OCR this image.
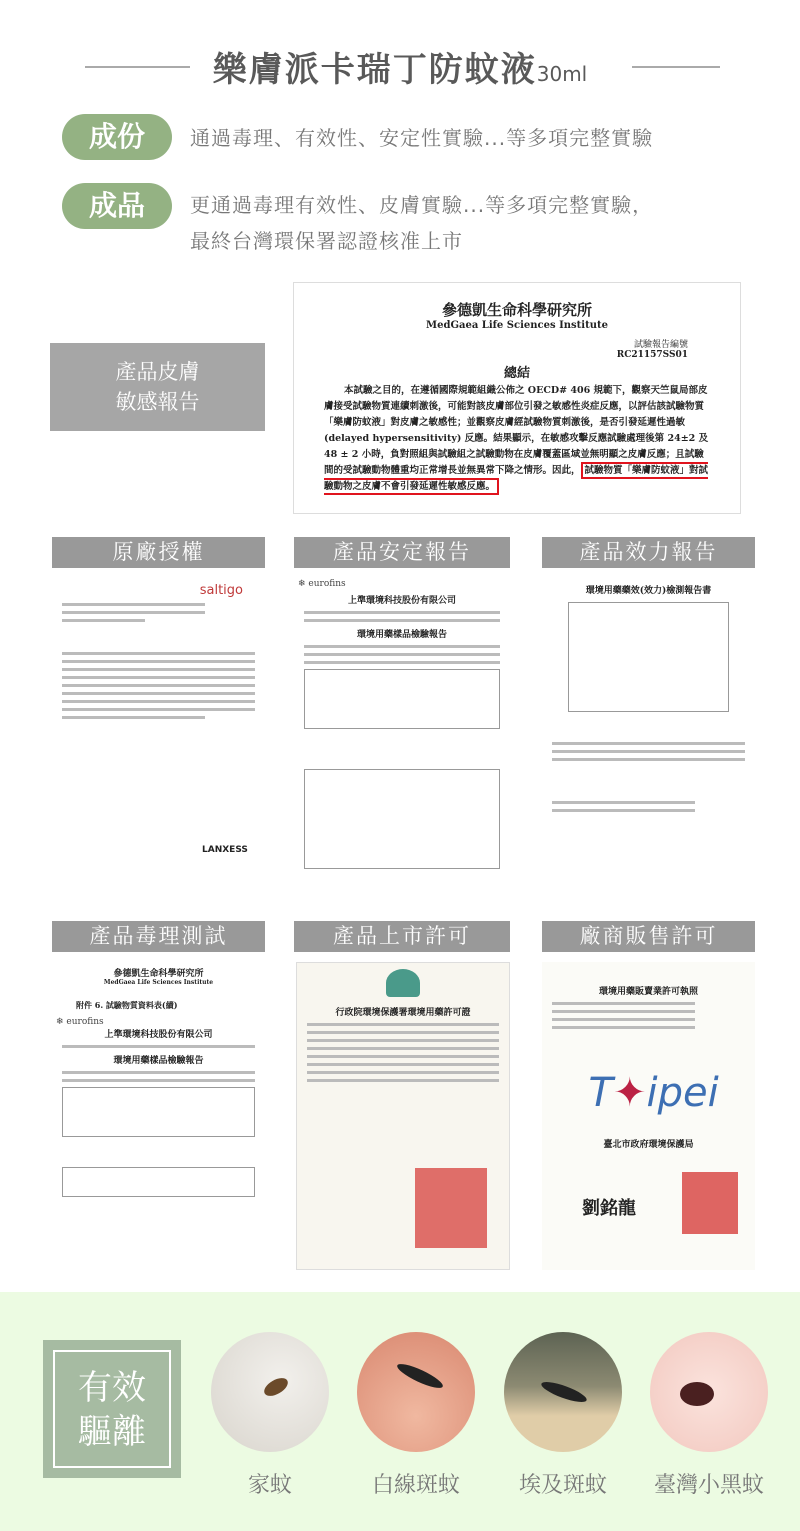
樂膚派卡瑞丁防蚊液30ml
成份	通過毒理、有效性、安定性實驗...等多項完整實驗
成品	更通過毒理有效性、皮膚實驗...等多項完整實驗，
最終台灣環保署認證核准上市
產品皮膚
敏感報告
參德凱生命科學研究所
MedGaea Life Sciences Institute
試驗報告編號
RC21157SS01
總結

本試驗之目的，在遵循國際規範組織公佈之 OECD# 406 規範下，觀察天竺鼠局部皮膚接受試驗物質連續刺激後，可能對該皮膚部位引發之敏感性炎症反應，以評估該試驗物質「樂膚防蚊液」對皮膚之敏感性；並觀察皮膚經試驗物質刺激後，是否引發延遲性過敏 (delayed hypersensitivity) 反應。結果顯示，在敏感攻擊反應試驗處理後第 24±2 及 48 ± 2 小時，負對照組與試驗組之試驗動物在皮膚覆蓋區域並無明顯之皮膚反應；且試驗間的受試驗動物體重均正常增長並無異常下降之情形。因此， 試驗物質「樂膚防蚊液」對試驗動物之皮膚不會引發延遲性敏感反應。

原廠授權	產品安定報告	產品效力報告
saltigo
LANXESS
❄ eurofins
上準環境科技股份有限公司
環境用藥樣品檢驗報告
環境用藥藥效(效力)檢測報告書
產品毒理測試	產品上市許可	廠商販售許可
參德凱生命科學研究所
MedGaea Life Sciences Institute
附件 6. 試驗物質資料表(續)
❄ eurofins
上準環境科技股份有限公司
環境用藥樣品檢驗報告
行政院環境保護署環境用藥許可證
環境用藥販賣業許可執照
T✦ipei
臺北市政府環境保護局
劉銘龍
有效
驅離
家蚊	白線斑蚊	埃及斑蚊	臺灣小黑蚊
